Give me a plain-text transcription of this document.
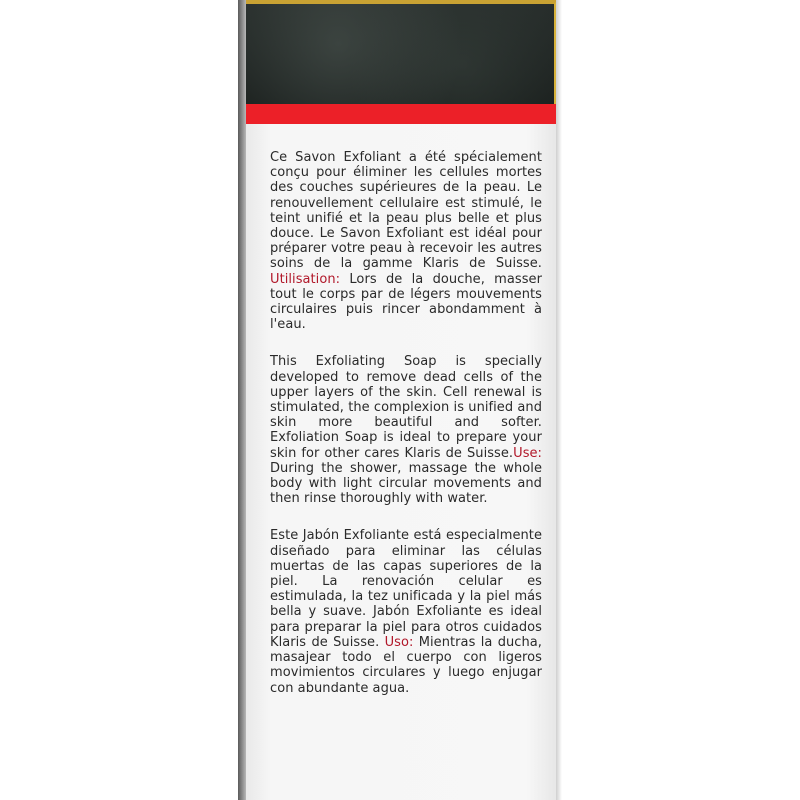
Ce Savon Exfoliant a été spécialement conçu pour éliminer les cellules mortes des couches supérieures de la peau. Le renouvellement cellulaire est stimulé, le teint unifié et la peau plus belle et plus douce. Le Savon Exfoliant est idéal pour préparer votre peau à recevoir les autres soins de la gamme Klaris de Suisse. Utilisation: Lors de la douche, masser tout le corps par de légers mouvements circulaires puis rincer abondamment à l'eau.

This Exfoliating Soap is specially developed to remove dead cells of the upper layers of the skin. Cell renewal is stimulated, the complexion is unified and skin more beautiful and softer. Exfoliation Soap is ideal to prepare your skin for other cares Klaris de Suisse.Use: During the shower, massage the whole body with light circular movements and then rinse thoroughly with water.

Este Jabón Exfoliante está especialmente diseñado para eliminar las células muertas de las capas superiores de la piel. La renovación celular es estimulada, la tez unificada y la piel más bella y suave. Jabón Exfoliante es ideal para preparar la piel para otros cuidados Klaris de Suisse. Uso: Mientras la ducha, masajear todo el cuerpo con ligeros movimientos circulares y luego enjugar con abundante agua.
